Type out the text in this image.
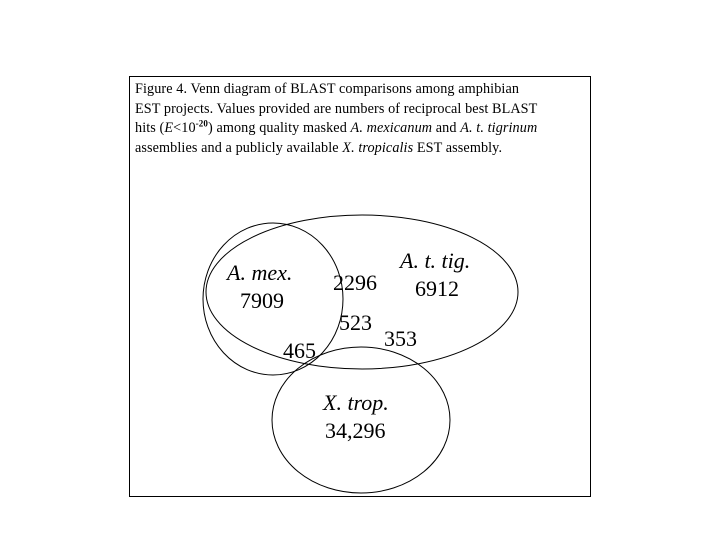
Figure 4. Venn diagram of BLAST comparisons among amphibian
EST projects. Values provided are numbers of reciprocal best BLAST
hits $(E<10^{-20})$ among quality masked A. mexicanum and A. t. tigrinum
assemblies and a publicly available X. tropicalis EST assembly.
A. mex.
7909
A. t. tig.
6912
X. trop.
34,296
2296
523
353
465
